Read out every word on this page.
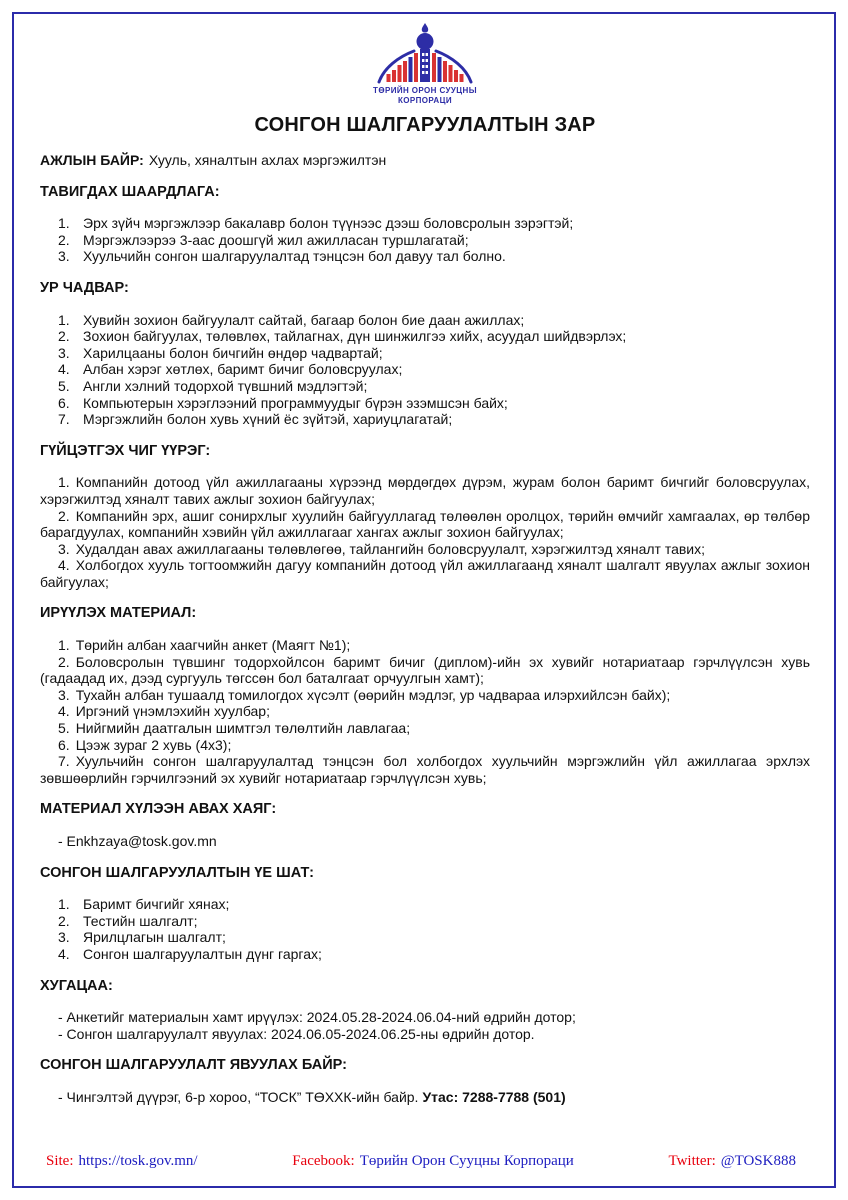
ТӨРИЙН ОРОН СУУЦНЫ
КОРПОРАЦИ
СОНГОН ШАЛГАРУУЛАЛТЫН ЗАР
АЖЛЫН БАЙР: Хууль, хяналтын ахлах мэргэжилтэн
ТАВИГДАХ ШААРДЛАГА:
1. Эрх зүйч мэргэжлээр бакалавр болон түүнээс дээш боловсролын зэрэгтэй;
2. Мэргэжлээрээ 3-аас доошгүй жил ажилласан туршлагатай;
3. Хуульчийн сонгон шалгаруулалтад тэнцсэн бол давуу тал болно.
УР ЧАДВАР:
1. Хувийн зохион байгуулалт сайтай, багаар болон бие даан ажиллах;
2. Зохион байгуулах, төлөвлөх, тайлагнах, дүн шинжилгээ хийх, асуудал шийдвэрлэх;
3. Харилцааны болон бичгийн өндөр чадвартай;
4. Албан хэрэг хөтлөх, баримт бичиг боловсруулах;
5. Англи хэлний тодорхой түвшний мэдлэгтэй;
6. Компьютерын хэрэглээний программуудыг бүрэн эзэмшсэн байх;
7. Мэргэжлийн болон хувь хүний ёс зүйтэй, хариуцлагатай;
ГҮЙЦЭТГЭХ ЧИГ ҮҮРЭГ:

1. Компанийн дотоод үйл ажиллагааны хүрээнд мөрдөгдөх дүрэм, журам болон баримт бичгийг боловсруулах, хэрэгжилтэд хяналт тавих ажлыг зохион байгуулах;

2. Компанийн эрх, ашиг сонирхлыг хуулийн байгууллагад төлөөлөн оролцох, төрийн өмчийг хамгаалах, өр төлбөр барагдуулах, компанийн хэвийн үйл ажиллагааг хангах ажлыг зохион байгуулах;

3. Худалдан авах ажиллагааны төлөвлөгөө, тайлангийн боловсруулалт, хэрэгжилтэд хяналт тавих;

4. Холбогдох хууль тогтоомжийн дагуу компанийн дотоод үйл ажиллагаанд хяналт шалгалт явуулах ажлыг зохион байгуулах;

ИРҮҮЛЭХ МАТЕРИАЛ:

1. Төрийн албан хаагчийн анкет (Маягт №1);

2. Боловсролын түвшинг тодорхойлсон баримт бичиг (диплом)-ийн эх хувийг нотариатаар гэрчлүүлсэн хувь (гадаадад их, дээд сургууль төгссөн бол баталгаат орчуулгын хамт);

3. Тухайн албан тушаалд томилогдох хүсэлт (өөрийн мэдлэг, ур чадвараа илэрхийлсэн байх);

4. Иргэний үнэмлэхийн хуулбар;

5. Нийгмийн даатгалын шимтгэл төлөлтийн лавлагаа;

6. Цээж зураг 2 хувь (4x3);

7. Хуульчийн сонгон шалгаруулалтад тэнцсэн бол холбогдох хуульчийн мэргэжлийн үйл ажиллагаа эрхлэх зөвшөөрлийн гэрчилгээний эх хувийг нотариатаар гэрчлүүлсэн хувь;

МАТЕРИАЛ ХҮЛЭЭН АВАХ ХАЯГ:
- Enkhzaya@tosk.gov.mn
СОНГОН ШАЛГАРУУЛАЛТЫН ҮЕ ШАТ:
1. Баримт бичгийг хянах;
2. Тестийн шалгалт;
3. Ярилцлагын шалгалт;
4. Сонгон шалгаруулалтын дүнг гаргах;
ХУГАЦАА:
- Анкетийг материалын хамт ирүүлэх: 2024.05.28-2024.06.04-ний өдрийн дотор;
- Сонгон шалгаруулалт явуулах: 2024.06.05-2024.06.25-ны өдрийн дотор.
СОНГОН ШАЛГАРУУЛАЛТ ЯВУУЛАХ БАЙР:
- Чингэлтэй дүүрэг, 6-р хороо, “ТОСК” ТӨХХК-ийн байр. Утас: 7288-7788 (501)
Site: https://tosk.gov.mn/	Facebook: Төрийн Орон Сууцны Корпораци	Twitter: @TOSK888
